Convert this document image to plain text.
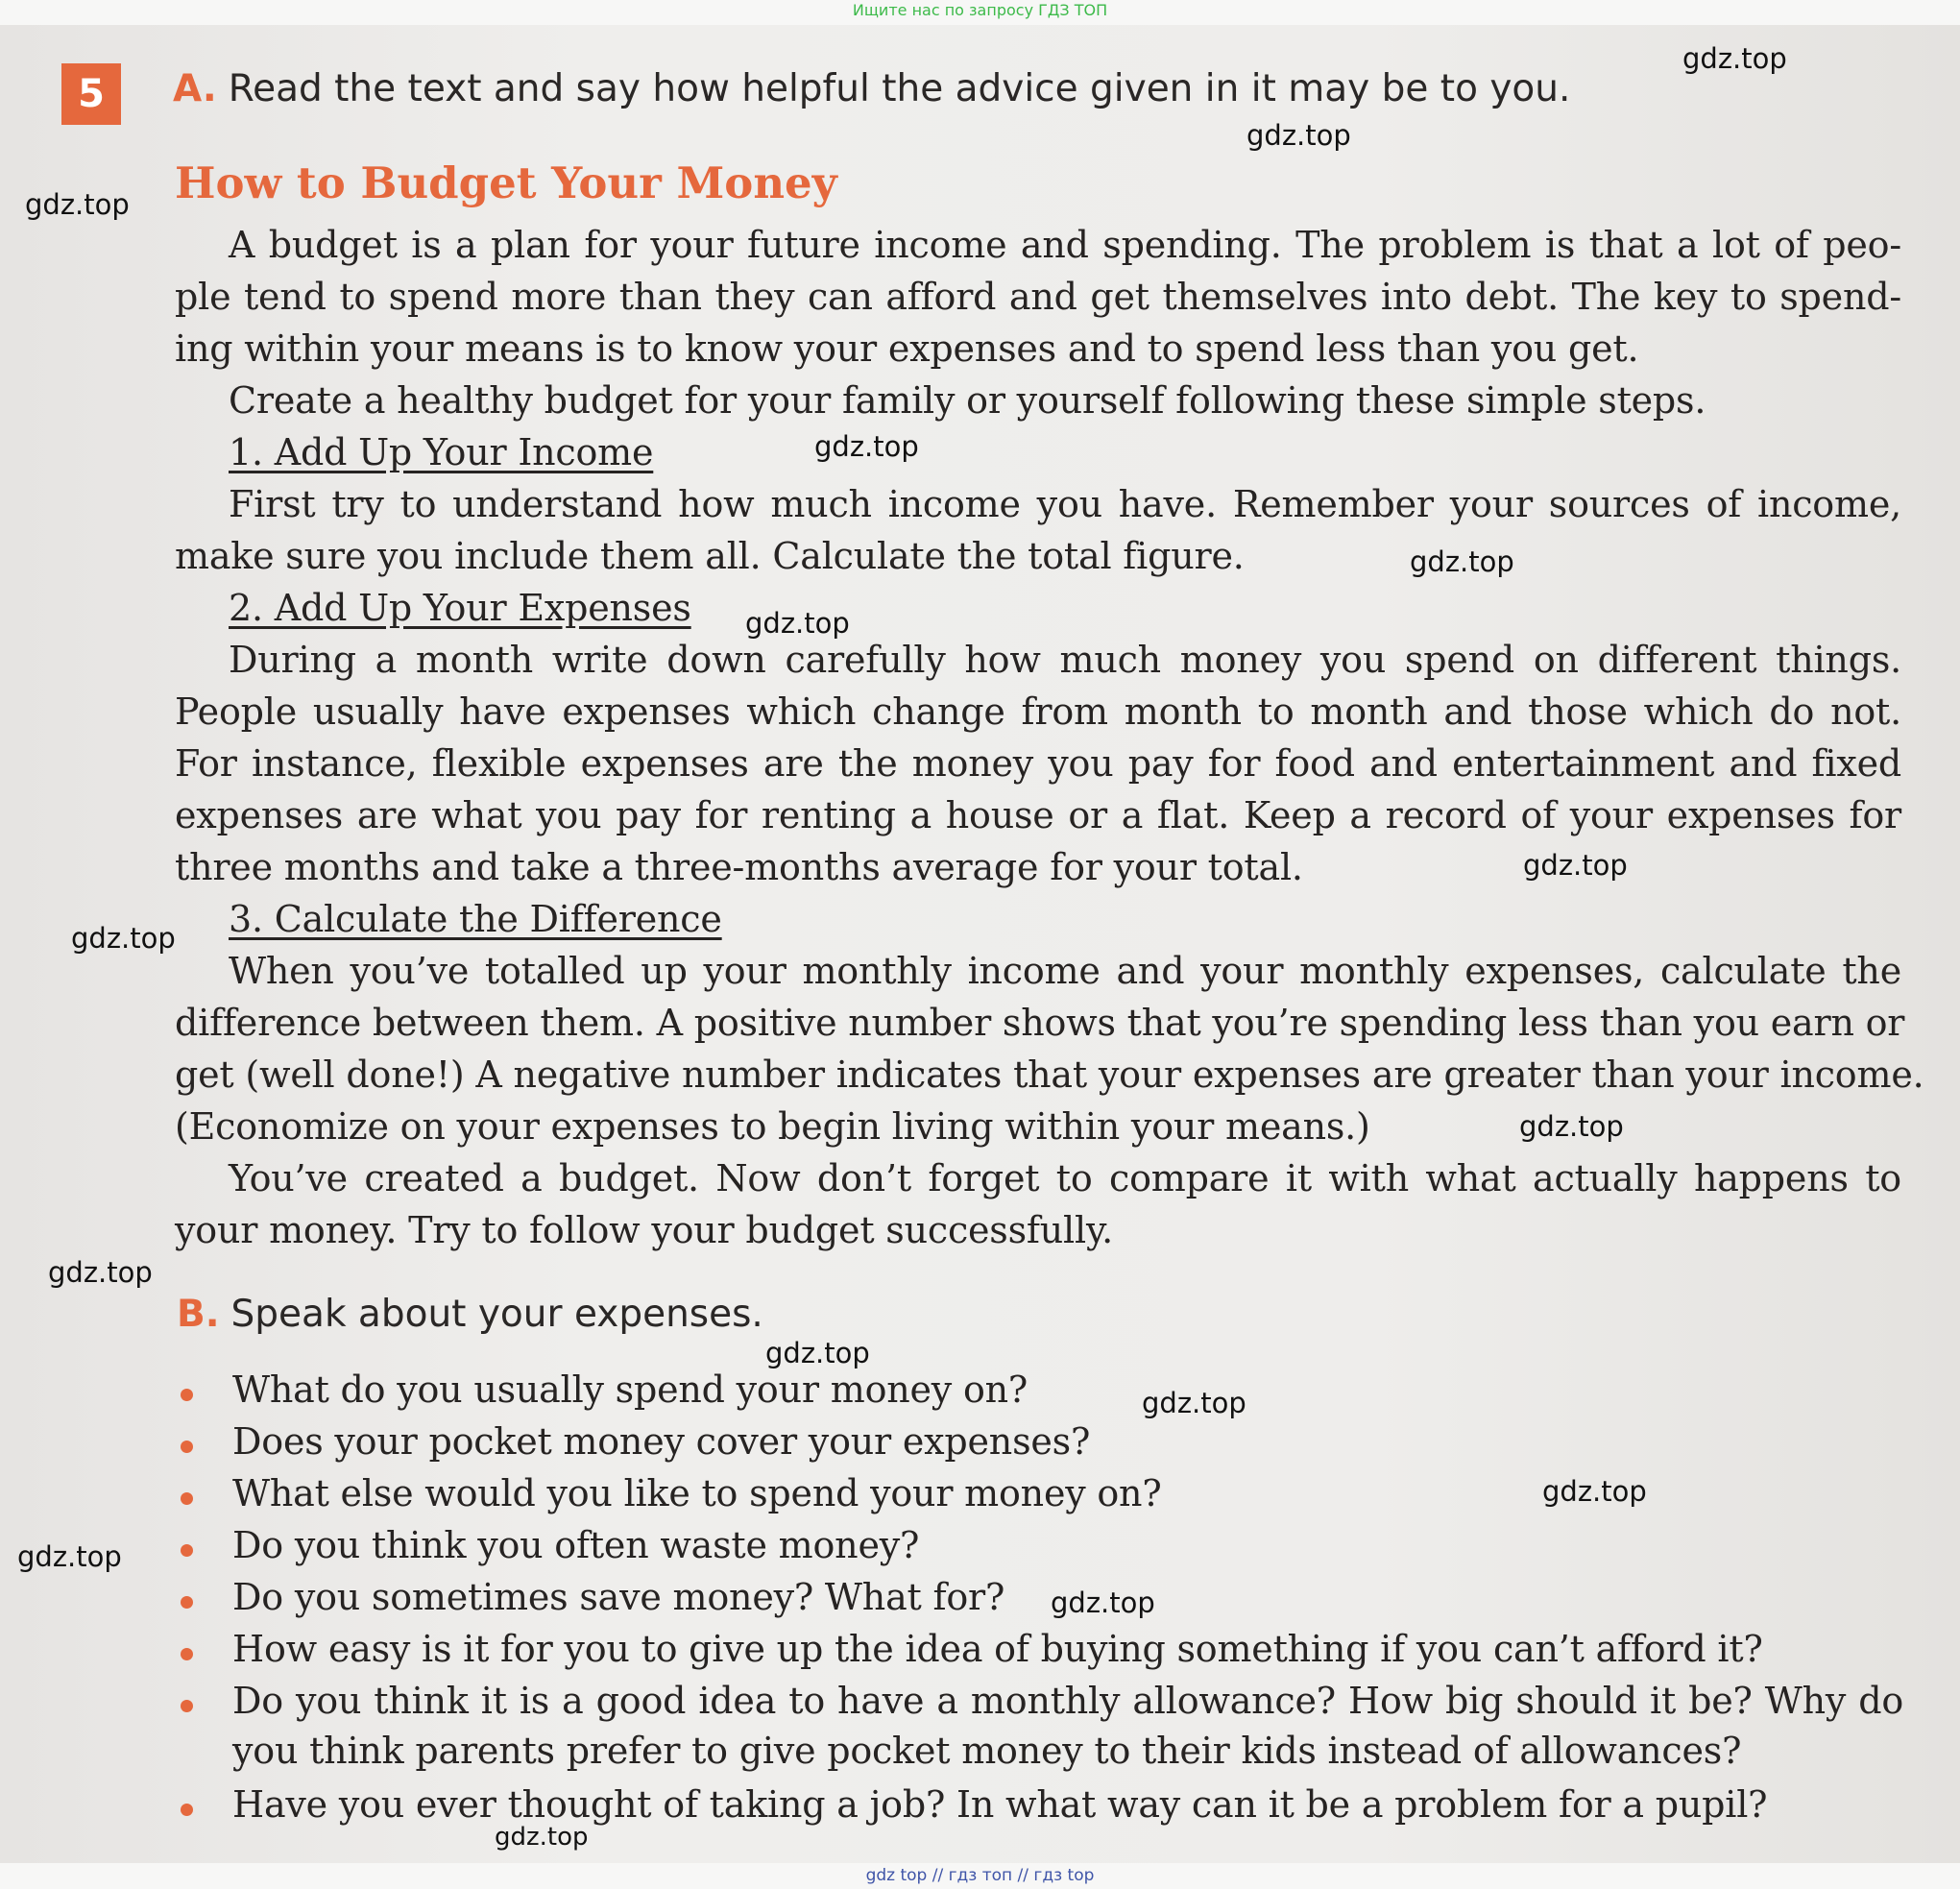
Ищите нас по запросу ГДЗ ТОП
5	A. Read the text and say how helpful the advice given in it may be to you.
How to Budget Your Money
A budget is a plan for your future income and spending. The problem is that a lot of peo-
ple tend to spend more than they can afford and get themselves into debt. The key to spend-
ing within your means is to know your expenses and to spend less than you get.
Create a healthy budget for your family or yourself following these simple steps.
1. Add Up Your Income
First try to understand how much income you have. Remember your sources of income,
make sure you include them all. Calculate the total figure.
2. Add Up Your Expenses
During a month write down carefully how much money you spend on different things.
People usually have expenses which change from month to month and those which do not.
For instance, flexible expenses are the money you pay for food and entertainment and fixed
expenses are what you pay for renting a house or a flat. Keep a record of your expenses for
three months and take a three-months average for your total.
3. Calculate the Difference
When you’ve totalled up your monthly income and your monthly expenses, calculate the
difference between them. A positive number shows that you’re spending less than you earn or
get (well done!) A negative number indicates that your expenses are greater than your income.
(Economize on your expenses to begin living within your means.)
You’ve created a budget. Now don’t forget to compare it with what actually happens to
your money. Try to follow your budget successfully.
B. Speak about your expenses.
What do you usually spend your money on?
Does your pocket money cover your expenses?
What else would you like to spend your money on?
Do you think you often waste money?
Do you sometimes save money? What for?
How easy is it for you to give up the idea of buying something if you can’t afford it?
Do you think it is a good idea to have a monthly allowance? How big should it be? Why do
you think parents prefer to give pocket money to their kids instead of allowances?
Have you ever thought of taking a job? In what way can it be a problem for a pupil?
gdz.top
gdz.top
gdz.top
gdz.top
gdz.top
gdz.top
gdz.top
gdz.top
gdz.top
gdz.top
gdz.top
gdz.top
gdz.top
gdz.top
gdz.top
gdz.top
gdz top // гдз топ // гдз top
